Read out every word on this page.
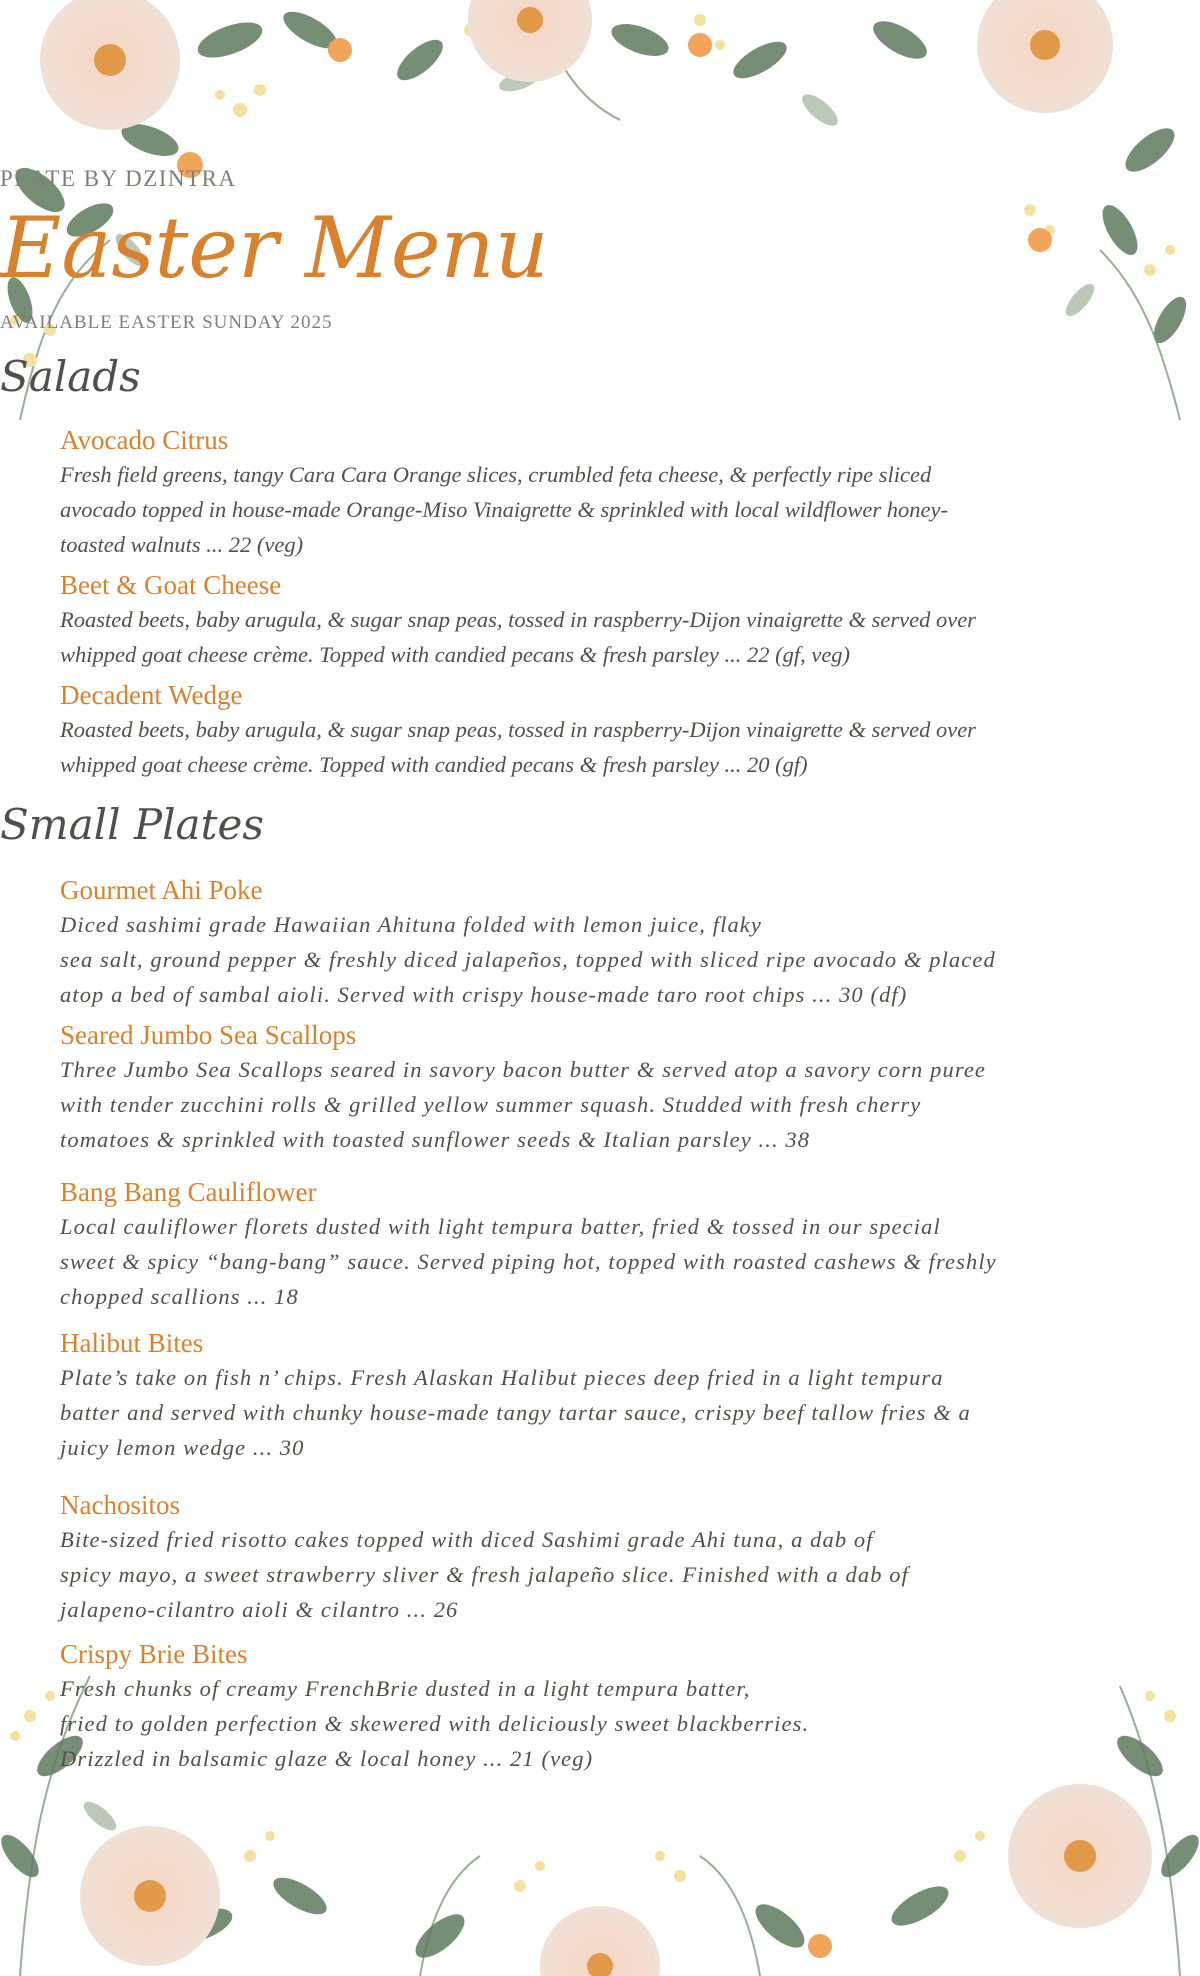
PLATE BY DZINTRA
Easter Menu
AVAILABLE EASTER SUNDAY 2025
Salads
Avocado Citrus
Fresh field greens, tangy Cara Cara Orange slices, crumbled feta cheese, & perfectly ripe sliced
avocado topped in house-made Orange-Miso Vinaigrette & sprinkled with local wildflower honey-
toasted walnuts ... 22 (veg)
Beet & Goat Cheese
Roasted beets, baby arugula, & sugar snap peas, tossed in raspberry-Dijon vinaigrette & served over
whipped goat cheese crème. Topped with candied pecans & fresh parsley ... 22 (gf, veg)
Decadent Wedge
Roasted beets, baby arugula, & sugar snap peas, tossed in raspberry-Dijon vinaigrette & served over
whipped goat cheese crème. Topped with candied pecans & fresh parsley ... 20 (gf)
Small Plates
Gourmet Ahi Poke
Diced sashimi grade Hawaiian Ahituna folded with lemon juice, flaky
sea salt, ground pepper & freshly diced jalapeños, topped with sliced ripe avocado & placed
atop a bed of sambal aioli. Served with crispy house-made taro root chips ... 30 (df)
Seared Jumbo Sea Scallops
Three Jumbo Sea Scallops seared in savory bacon butter & served atop a savory corn puree
with tender zucchini rolls & grilled yellow summer squash. Studded with fresh cherry
tomatoes & sprinkled with toasted sunflower seeds & Italian parsley ... 38
Bang Bang Cauliflower
Local cauliflower florets dusted with light tempura batter, fried & tossed in our special
sweet & spicy “bang-bang” sauce. Served piping hot, topped with roasted cashews & freshly
chopped scallions ... 18
Halibut Bites
Plate’s take on fish n’ chips. Fresh Alaskan Halibut pieces deep fried in a light tempura
batter and served with chunky house-made tangy tartar sauce, crispy beef tallow fries & a
juicy lemon wedge ... 30
Nachositos
Bite-sized fried risotto cakes topped with diced Sashimi grade Ahi tuna, a dab of
spicy mayo, a sweet strawberry sliver & fresh jalapeño slice. Finished with a dab of
jalapeno-cilantro aioli & cilantro ... 26
Crispy Brie Bites
Fresh chunks of creamy FrenchBrie dusted in a light tempura batter,
fried to golden perfection & skewered with deliciously sweet blackberries.
Drizzled in balsamic glaze & local honey ... 21 (veg)
